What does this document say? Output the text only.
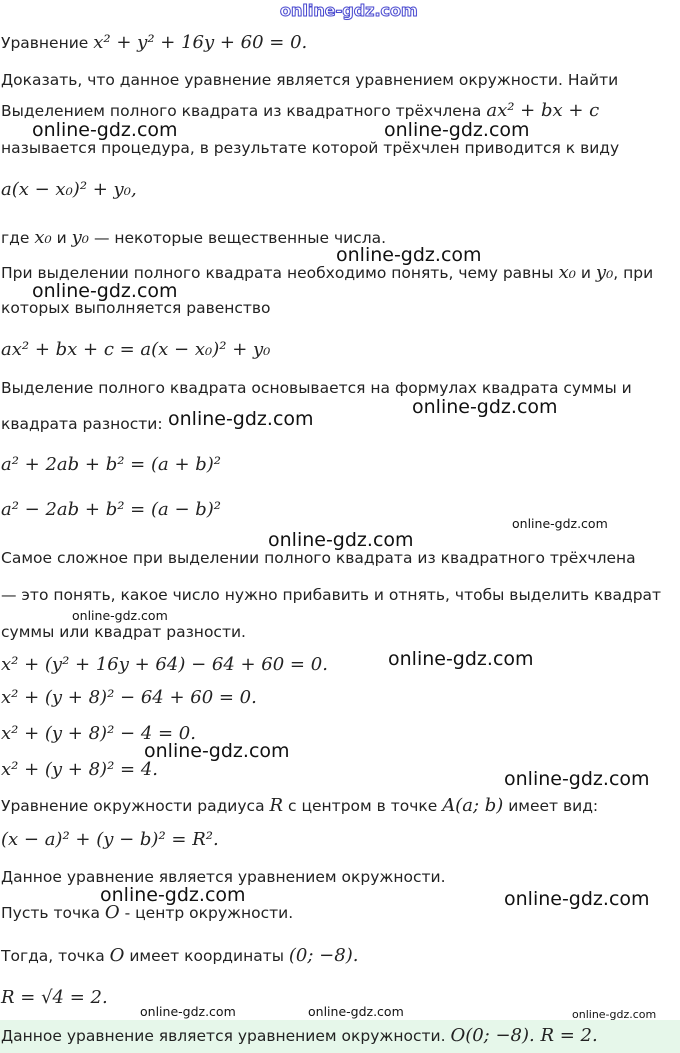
online-gdz.com
Уравнение x² + y² + 16y + 60 = 0.
Доказать, что данное уравнение является уравнением окружности. Найти
Выделением полного квадрата из квадратного трёхчлена ax² + bx + c
называется процедура, в результате которой трёхчлен приводится к виду
a(x − x₀)² + y₀,
где x₀ и y₀ — некоторые вещественные числа.
При выделении полного квадрата необходимо понять, чему равны x₀ и y₀, при
которых выполняется равенство
ax² + bx + c = a(x − x₀)² + y₀
Выделение полного квадрата основывается на формулах квадрата суммы и
квадрата разности:
a² + 2ab + b² = (a + b)²
a² − 2ab + b² = (a − b)²
Самое сложное при выделении полного квадрата из квадратного трёхчлена
— это понять, какое число нужно прибавить и отнять, чтобы выделить квадрат
суммы или квадрат разности.
x² + (y² + 16y + 64) − 64 + 60 = 0.
x² + (y + 8)² − 64 + 60 = 0.
x² + (y + 8)² − 4 = 0.
x² + (y + 8)² = 4.
Уравнение окружности радиуса R с центром в точке A(a; b) имеет вид:
(x − a)² + (y − b)² = R².
Данное уравнение является уравнением окружности.
Пусть точка O - центр окружности.
Тогда, точка O имеет координаты (0; −8).
R = √4 = 2.
Данное уравнение является уравнением окружности. O(0; −8). R = 2.
online-gdz.com	online-gdz.com
online-gdz.com
online-gdz.com
online-gdz.com
online-gdz.com
online-gdz.com
online-gdz.com
online-gdz.com
online-gdz.com
online-gdz.com
online-gdz.com
online-gdz.com	online-gdz.com
online-gdz.com	online-gdz.com	online-gdz.com
